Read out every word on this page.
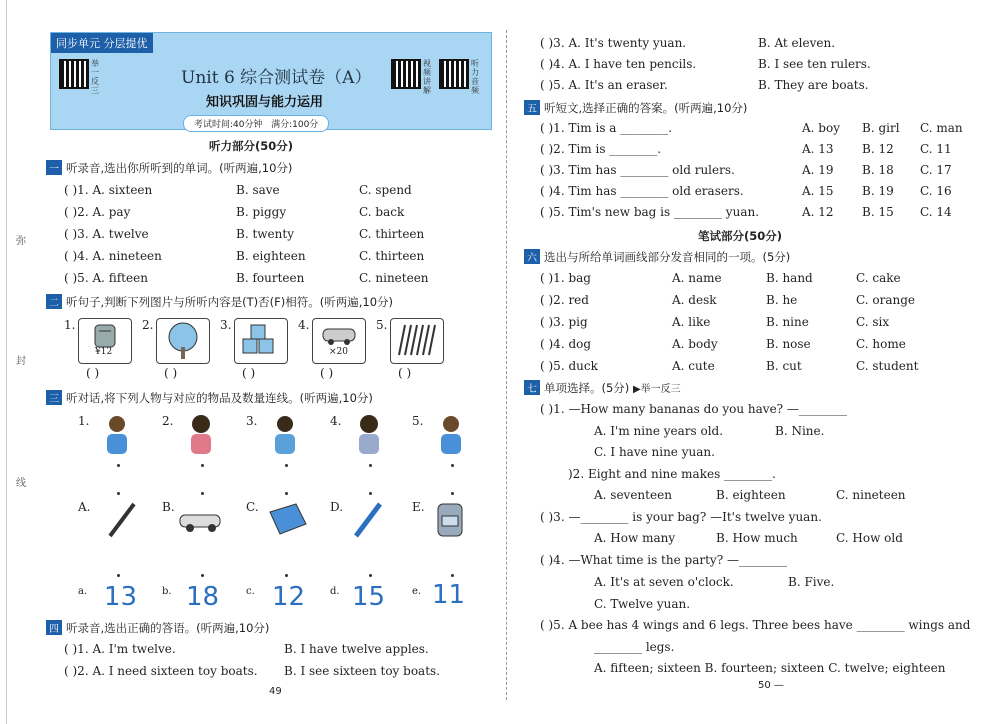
弥
封
线
同步单元 分层提优
举一反三
Unit 6 综合测试卷（A）
知识巩固与能力运用
视频讲解
听力音频
考试时间:40分钟 满分:100分
听力部分(50分)
一 听录音,选出你所听到的单词。(听两遍,10分)
( )1. A. sixteen	B. save	C. spend
( )2. A. pay	B. piggy	C. back
( )3. A. twelve	B. twenty	C. thirteen
( )4. A. nineteen	B. eighteen	C. thirteen
( )5. A. fifteen	B. fourteen	C. nineteen
二 听句子,判断下列图片与所听内容是(T)否(F)相符。(听两遍,10分)
1.
¥12
2.	3.	4.
×20
5.
( )	( )	( )	( )	( )
三 听对话,将下列人物与对应的物品及数量连线。(听两遍,10分)
1.	2.	3.	4.	5.
A.	B.	C.	D.	E.
a. 13 b. 18	c. 12 d. 15	e. 11
四 听录音,选出正确的答语。(听两遍,10分)
( )1. A. I'm twelve.	B. I have twelve apples.
( )2. A. I need sixteen toy boats. B. I see sixteen toy boats.
49
( )3. A. It's twenty yuan.	B. At eleven.
( )4. A. I have ten pencils.	B. I see ten rulers.
( )5. A. It's an eraser.	B. They are boats.
五 听短文,选择正确的答案。(听两遍,10分)
( )1. Tim is a ________.	A. boy B. girl C. man
( )2. Tim is ________.	A. 13 B. 12 C. 11
( )3. Tim has ________ old rulers.	A. 19 B. 18 C. 17
( )4. Tim has ________ old erasers.	A. 15 B. 19 C. 16
( )5. Tim's new bag is ________ yuan.	A. 12 B. 15 C. 14
笔试部分(50分)
六 选出与所给单词画线部分发音相同的一项。(5分)
( )1. bag	A. name	B. hand	C. cake
( )2. red	A. desk	B. he	C. orange
( )3. pig	A. like	B. nine	C. six
( )4. dog	A. body	B. nose	C. home
( )5. duck	A. cute	B. cut	C. student
七 单项选择。(5分) ▶举一反三
( )1. —How many bananas do you have? —________
A. I'm nine years old.	B. Nine.
C. I have nine yuan.
)2. Eight and nine makes ________.
A. seventeen	B. eighteen	C. nineteen
( )3. —________ is your bag? —It's twelve yuan.
A. How many	B. How much	C. How old
( )4. —What time is the party? —________
A. It's at seven o'clock.	B. Five.
C. Twelve yuan.
( )5. A bee has 4 wings and 6 legs. Three bees have ________ wings and
________ legs.
A. fifteen; sixteen B. fourteen; sixteen C. twelve; eighteen
50 —
